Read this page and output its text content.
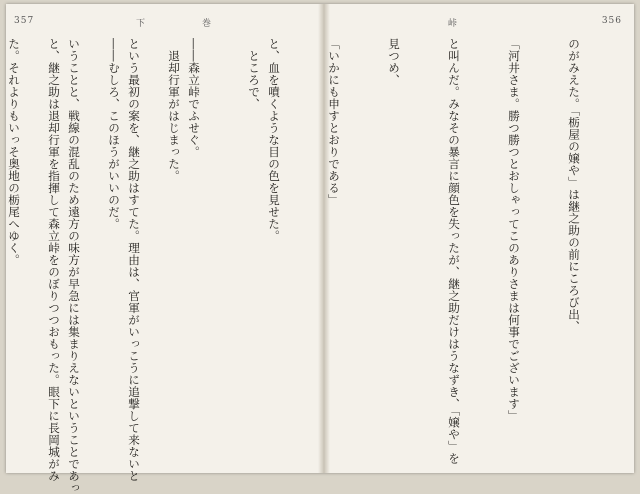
357	下	巻

　ところで、

――森立峠でふせぐ。

という最初の案を、継之助はすてた。理由は、官軍がいっこうに追撃して来ないと

いうことと、戦線の混乱のため遠方の味方が早急には集まりえないということであっ

た。それよりもいっそ奥地の栃尾へゆく。

峠	356

のがみえた。「栃屋の嬢や」は継之助の前にころび出、

「河井さま。勝つ勝つとおしゃってこのありさまは何事でございます」

と叫んだ。みなその暴言に顔色を失ったが、継之助だけはうなずき、「嬢や」を

見つめ、

「いかにも申すとおりである」

と、血を噴くような目の色を見せた。

　退却行軍がはじまった。

――むしろ、このほうがいいのだ。

と、継之助は退却行軍を指揮して森立峠をのぼりつつおもった。眼下に長岡城がみ
